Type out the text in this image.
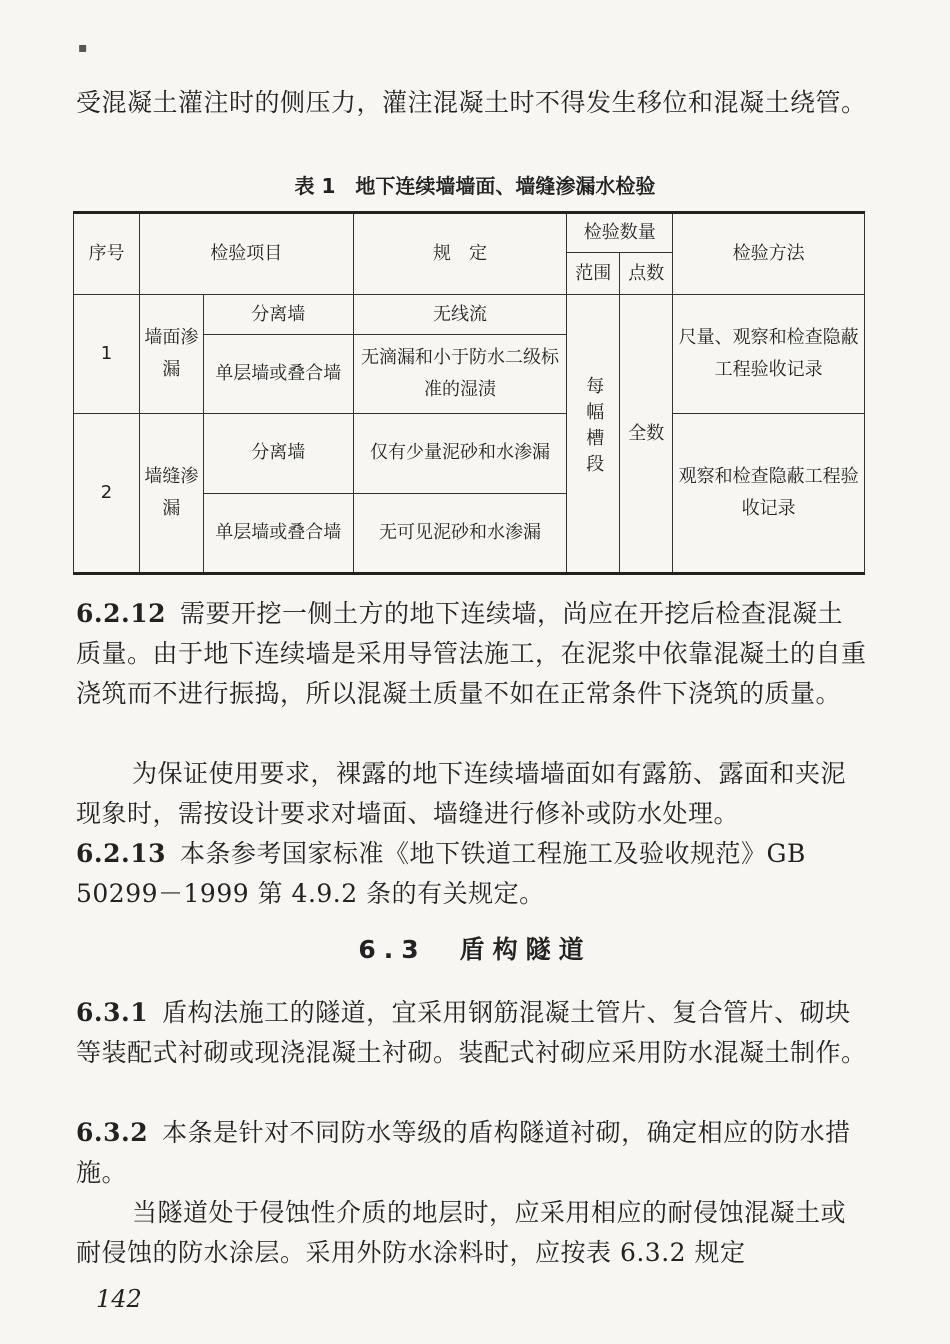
▪

受混凝土灌注时的侧压力，灌注混凝土时不得发生移位和混凝土绕管。

表 1　地下连续墙墙面、墙缝渗漏水检验
序号	检验项目		规　定	检验数量		检验方法
				范围	点数	
1	墙面渗漏	分离墙	无线流	每幅槽段	全数	尺量、观察和检查隐蔽工程验收记录
		单层墙或叠合墙	无滴漏和小于防水二级标准的湿渍			
2	墙缝渗漏	分离墙	仅有少量泥砂和水渗漏			观察和检查隐蔽工程验收记录
		单层墙或叠合墙	无可见泥砂和水渗漏			

6.2.12 需要开挖一侧土方的地下连续墙，尚应在开挖后检查混凝土质量。由于地下连续墙是采用导管法施工，在泥浆中依靠混凝土的自重浇筑而不进行振捣，所以混凝土质量不如在正常条件下浇筑的质量。

为保证使用要求，裸露的地下连续墙墙面如有露筋、露面和夹泥现象时，需按设计要求对墙面、墙缝进行修补或防水处理。

6.2.13 本条参考国家标准《地下铁道工程施工及验收规范》GB 50299－1999 第 4.9.2 条的有关规定。

6.3　盾构隧道

6.3.1 盾构法施工的隧道，宜采用钢筋混凝土管片、复合管片、砌块等装配式衬砌或现浇混凝土衬砌。装配式衬砌应采用防水混凝土制作。

6.3.2 本条是针对不同防水等级的盾构隧道衬砌，确定相应的防水措施。

当隧道处于侵蚀性介质的地层时，应采用相应的耐侵蚀混凝土或耐侵蚀的防水涂层。采用外防水涂料时，应按表 6.3.2 规定

142
